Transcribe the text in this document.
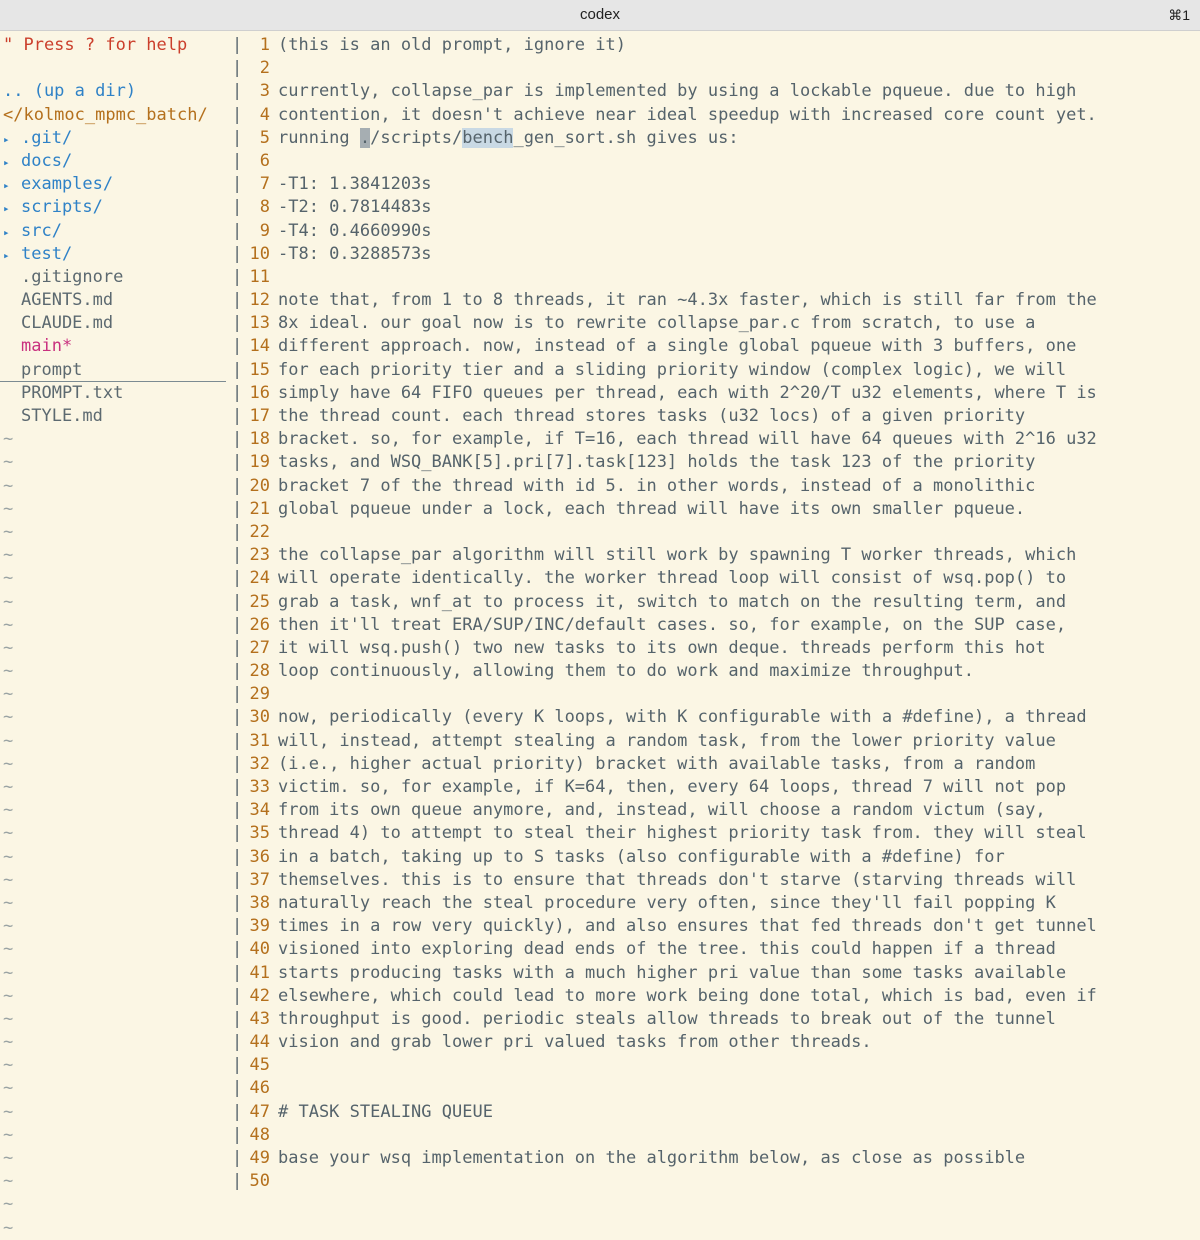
codex	⌘1
" Press ? for help
.. (up a dir)
</kolmoc_mpmc_batch/
▸ .git/
▸ docs/
▸ examples/
▸ scripts/
▸ src/
▸ test/
.gitignore
AGENTS.md
CLAUDE.md
main*
prompt
PROMPT.txt
STYLE.md
~
~
~
~
~
~
~
~
~
~
~
~
~
~
~
~
~
~
~
~
~
~
~
~
~
~
~
~
~
~
~
~
~
~
~
|
|
|
|
|
|
|
|
|
|
|
|
|
|
|
|
|
|
|
|
|
|
|
|
|
|
|
|
|
|
|
|
|
|
|
|
|
|
|
|
|
|
|
|
|
|
|
|
|
|
1 (this is an old prompt, ignore it)
2
3 currently, collapse_par is implemented by using a lockable pqueue. due to high
4 contention, it doesn't achieve near ideal speedup with increased core count yet.
5 running ./scripts/bench_gen_sort.sh gives us:
6
7 -T1: 1.3841203s
8 -T2: 0.7814483s
9 -T4: 0.4660990s
10 -T8: 0.3288573s
11
12 note that, from 1 to 8 threads, it ran ~4.3x faster, which is still far from the
13 8x ideal. our goal now is to rewrite collapse_par.c from scratch, to use a
14 different approach. now, instead of a single global pqueue with 3 buffers, one
15 for each priority tier and a sliding priority window (complex logic), we will
16 simply have 64 FIFO queues per thread, each with 2^20/T u32 elements, where T is
17 the thread count. each thread stores tasks (u32 locs) of a given priority
18 bracket. so, for example, if T=16, each thread will have 64 queues with 2^16 u32
19 tasks, and WSQ_BANK[5].pri[7].task[123] holds the task 123 of the priority
20 bracket 7 of the thread with id 5. in other words, instead of a monolithic
21 global pqueue under a lock, each thread will have its own smaller pqueue.
22
23 the collapse_par algorithm will still work by spawning T worker threads, which
24 will operate identically. the worker thread loop will consist of wsq.pop() to
25 grab a task, wnf_at to process it, switch to match on the resulting term, and
26 then it'll treat ERA/SUP/INC/default cases. so, for example, on the SUP case,
27 it will wsq.push() two new tasks to its own deque. threads perform this hot
28 loop continuously, allowing them to do work and maximize throughput.
29
30 now, periodically (every K loops, with K configurable with a #define), a thread
31 will, instead, attempt stealing a random task, from the lower priority value
32 (i.e., higher actual priority) bracket with available tasks, from a random
33 victim. so, for example, if K=64, then, every 64 loops, thread 7 will not pop
34 from its own queue anymore, and, instead, will choose a random victum (say,
35 thread 4) to attempt to steal their highest priority task from. they will steal
36 in a batch, taking up to S tasks (also configurable with a #define) for
37 themselves. this is to ensure that threads don't starve (starving threads will
38 naturally reach the steal procedure very often, since they'll fail popping K
39 times in a row very quickly), and also ensures that fed threads don't get tunnel
40 visioned into exploring dead ends of the tree. this could happen if a thread
41 starts producing tasks with a much higher pri value than some tasks available
42 elsewhere, which could lead to more work being done total, which is bad, even if
43 throughput is good. periodic steals allow threads to break out of the tunnel
44 vision and grab lower pri valued tasks from other threads.
45
46
47 # TASK STEALING QUEUE
48
49 base your wsq implementation on the algorithm below, as close as possible
50
